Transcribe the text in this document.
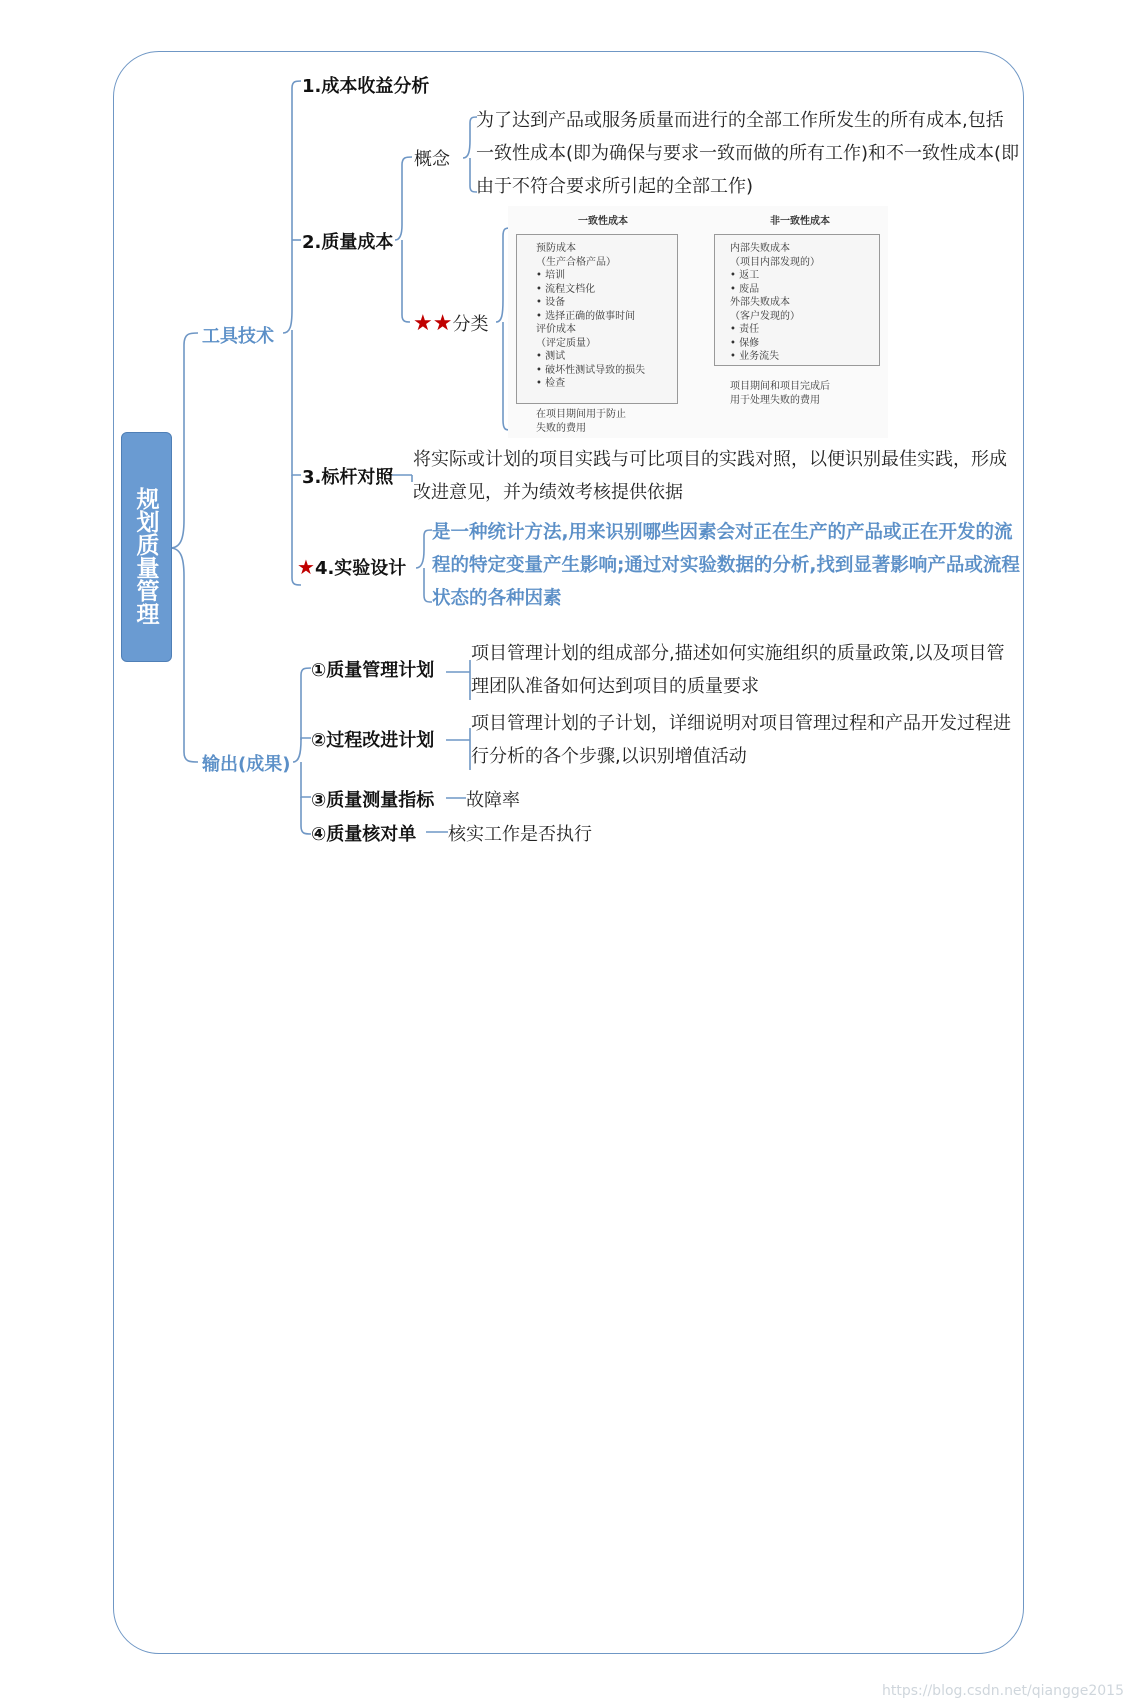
规划质量管理
工具技术
1.成本收益分析
2.质量成本
概念
为了达到产品或服务质量而进行的全部工作所发生的所有成本,包括一致性成本(即为确保与要求一致而做的所有工作)和不一致性成本(即由于不符合要求所引起的全部工作)
★★分类
一致性成本	非一致性成本
预防成本
（生产合格产品）
• 培训
• 流程文档化
• 设备
• 选择正确的做事时间
评价成本
（评定质量）
• 测试
• 破坏性测试导致的损失
• 检查
内部失败成本
（项目内部发现的）
• 返工
• 废品
外部失败成本
（客户发现的）
• 责任
• 保修
• 业务流失
在项目期间用于防止
失败的费用
项目期间和项目完成后
用于处理失败的费用
3.标杆对照
将实际或计划的项目实践与可比项目的实践对照，以便识别最佳实践，形成改进意见，并为绩效考核提供依据
★4.实验设计
是一种统计方法,用来识别哪些因素会对正在生产的产品或正在开发的流程的特定变量产生影响;通过对实验数据的分析,找到显著影响产品或流程状态的各种因素
输出(成果)
①质量管理计划
项目管理计划的组成部分,描述如何实施组织的质量政策,以及项目管理团队准备如何达到项目的质量要求
②过程改进计划
项目管理计划的子计划，详细说明对项目管理过程和产品开发过程进行分析的各个步骤,以识别增值活动
③质量测量指标 故障率
④质量核对单 核实工作是否执行
https://blog.csdn.net/qiangge2015
